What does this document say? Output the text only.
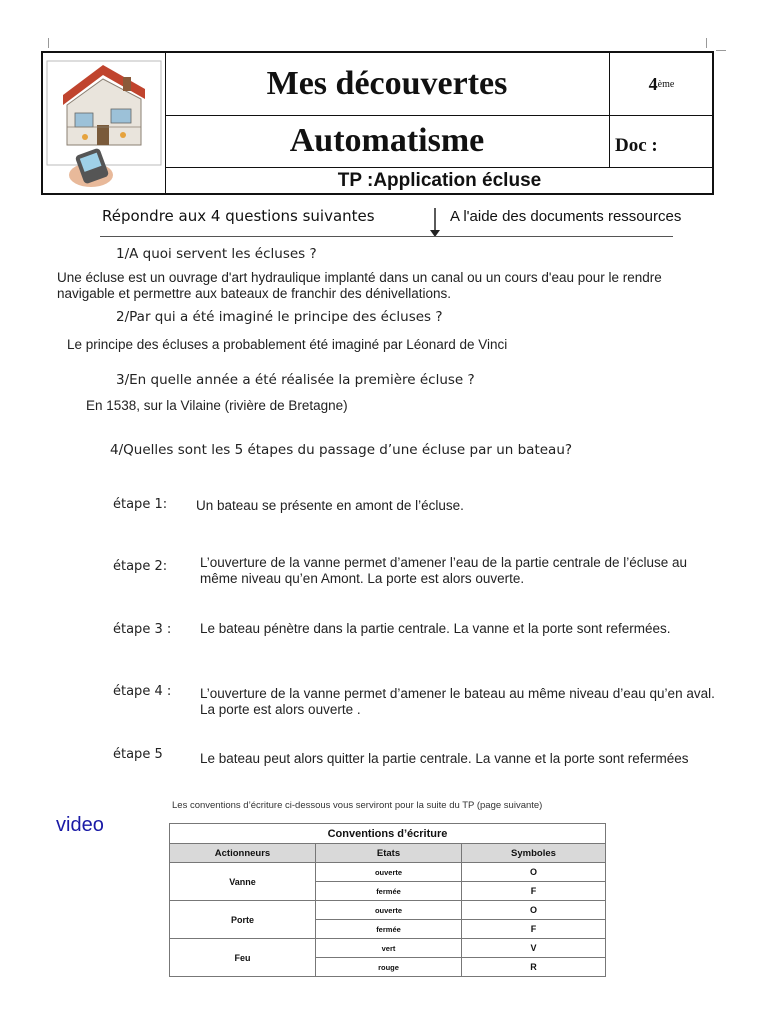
Mes découvertes
Automatisme
4 ème
Doc :
TP :Application écluse
Répondre aux 4 questions suivantes	A l'aide des documents ressources
1/A quoi servent les écluses ?
Une écluse est un ouvrage d'art hydraulique implanté dans un canal ou un cours d'eau pour le rendre navigable et permettre aux bateaux de franchir des dénivellations.
2/Par qui a été imaginé le principe des écluses ?
Le principe des écluses a probablement été imaginé par Léonard de Vinci
3/En quelle année a été réalisée la première écluse ?
En 1538, sur la Vilaine (rivière de Bretagne)
4/Quelles sont les 5 étapes du passage d’une écluse par un bateau?
étape 1: Un bateau se présente en amont de l’écluse.
étape 2: L’ouverture de la vanne permet d’amener l’eau de la partie centrale de l’écluse au même niveau qu’en Amont. La porte est alors ouverte.
étape 3 : Le bateau pénètre dans la partie centrale. La vanne et la porte sont refermées.
étape 4 : L’ouverture de la vanne permet d’amener le bateau au même niveau d’eau qu’en aval. La porte est alors ouverte .
étape 5	Le bateau peut alors quitter la partie centrale. La vanne et la porte sont refermées
Les conventions d’écriture ci-dessous vous serviront pour la suite du TP (page suivante)
video	Conventions d’écriture		
Actionneurs	Etats	Symboles
Vanne	ouverte	O
	fermée	F
Porte	ouverte	O
	fermée	F
Feu	vert	V
	rouge	R
